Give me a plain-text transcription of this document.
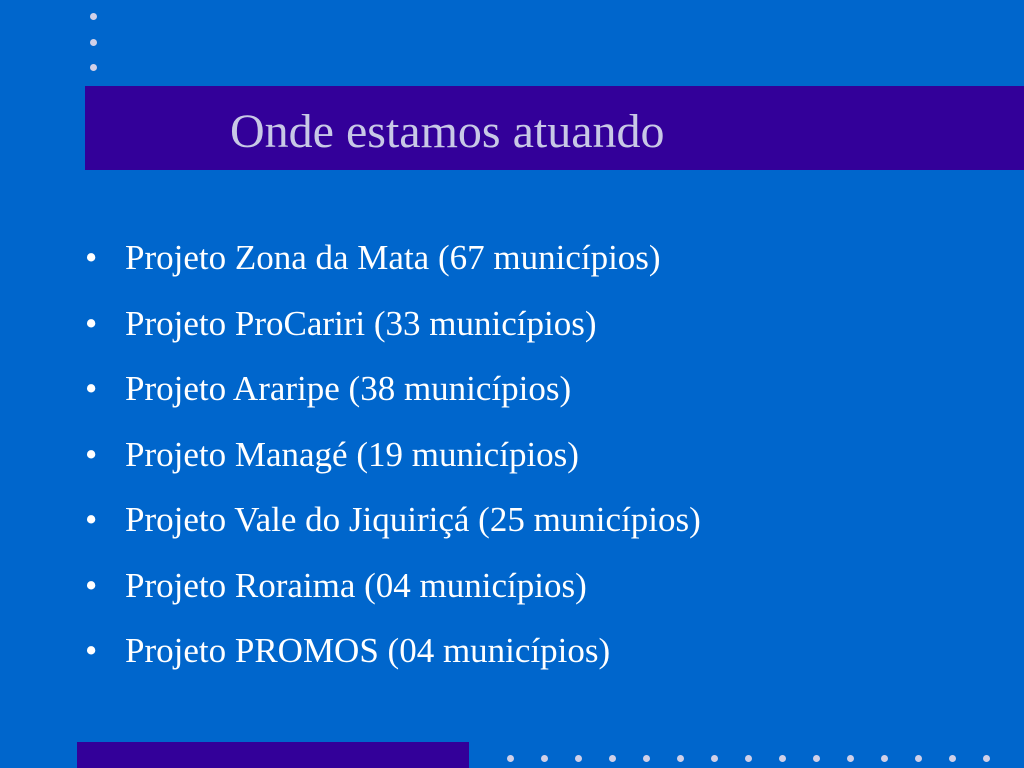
Onde estamos atuando
• Projeto Zona da Mata (67 municípios)
• Projeto ProCariri (33 municípios)
• Projeto Araripe (38 municípios)
• Projeto Managé (19 municípios)
• Projeto Vale do Jiquiriçá (25 municípios)
• Projeto Roraima (04 municípios)
• Projeto PROMOS (04 municípios)
